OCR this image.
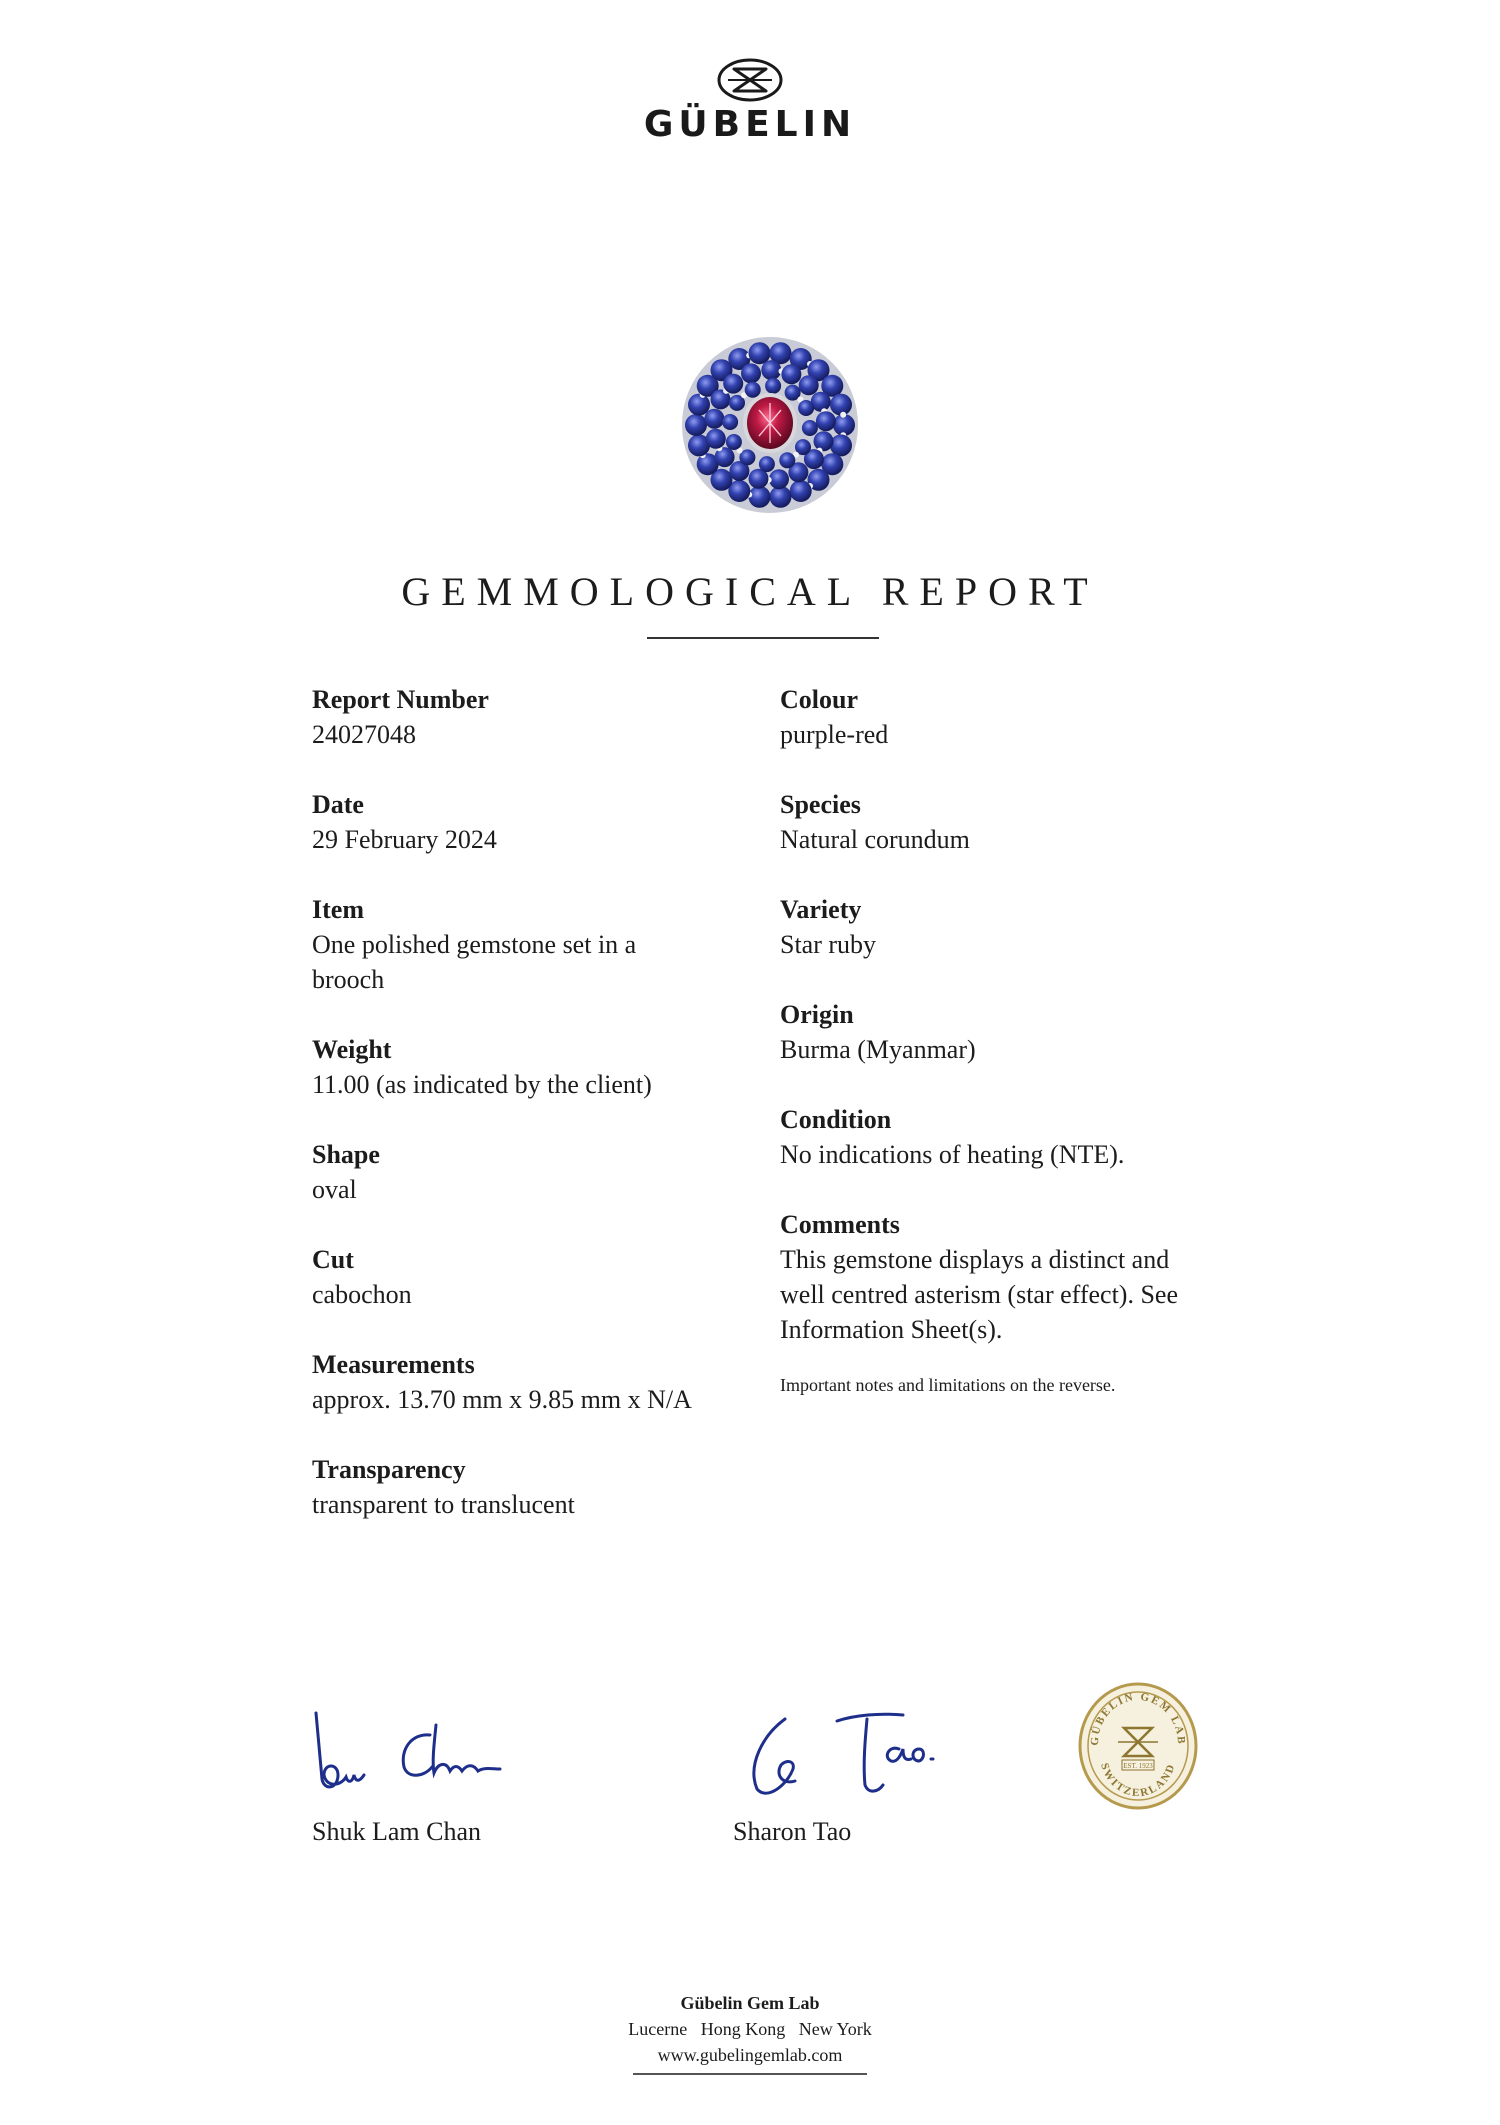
GÜBELIN
GEMMOLOGICAL REPORT
Report Number
24027048
Date
29 February 2024
Item
One polished gemstone set in a brooch
Weight
11.00 (as indicated by the client)
Shape
oval
Cut
cabochon
Measurements
approx. 13.70 mm x 9.85 mm x N/A
Transparency
transparent to translucent
Colour
purple-red
Species
Natural corundum
Variety
Star ruby
Origin
Burma (Myanmar)
Condition
No indications of heating (NTE).
Comments
This gemstone displays a distinct and well centred asterism (star effect). See Information Sheet(s).
Important notes and limitations on the reverse.
Shuk Lam Chan	Sharon Tao
GÜBELIN GEM LAB
SWITZERLAND
EST. 1923
Gübelin Gem Lab
Lucerne   Hong Kong   New York
www.gubelingemlab.com
